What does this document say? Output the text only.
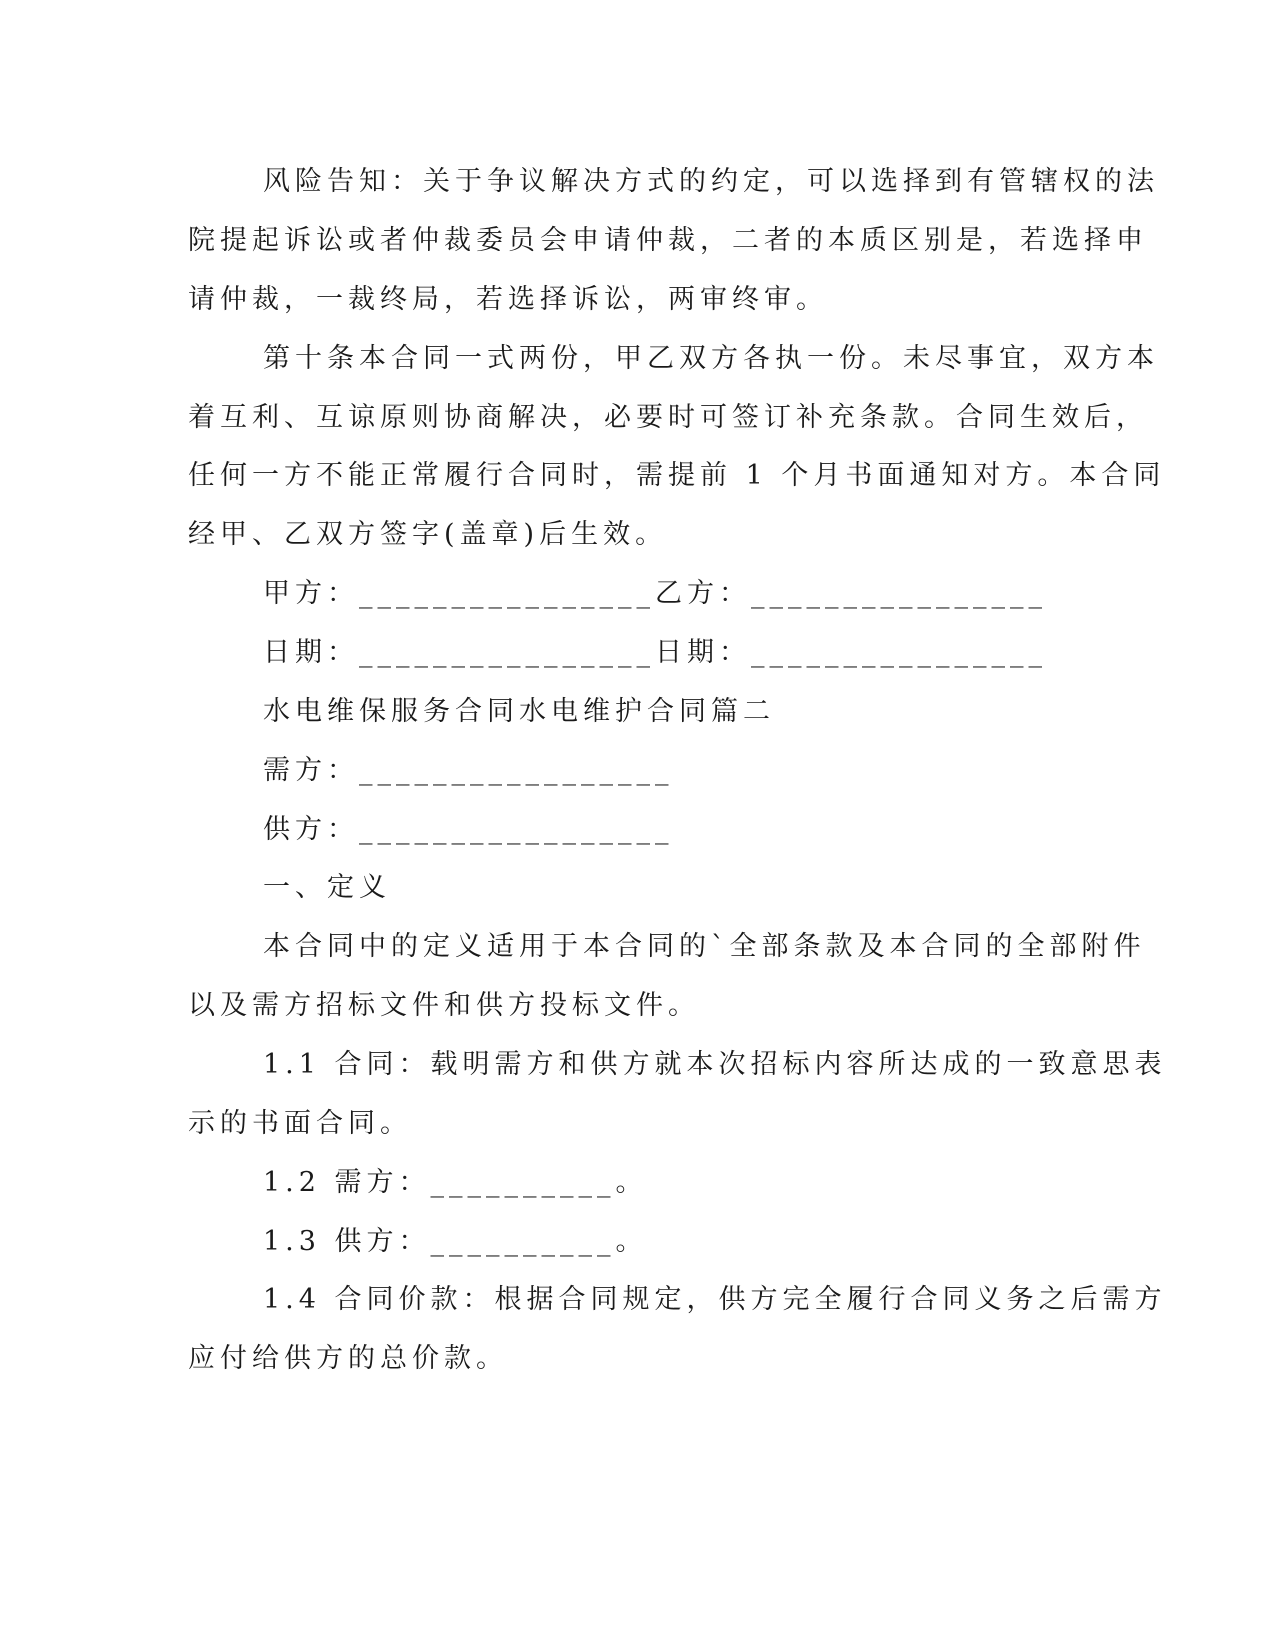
风险告知：关于争议解决方式的约定，可以选择到有管辖权的法
院提起诉讼或者仲裁委员会申请仲裁，二者的本质区别是，若选择申
请仲裁，一裁终局，若选择诉讼，两审终审。
第十条本合同一式两份，甲乙双方各执一份。未尽事宜，双方本
着互利、互谅原则协商解决，必要时可签订补充条款。合同生效后，
任何一方不能正常履行合同时，需提前 1 个月书面通知对方。本合同
经甲、乙双方签字(盖章)后生效。
甲方：________________乙方：________________
日期：________________日期：________________
水电维保服务合同水电维护合同篇二
需方：_________________
供方：_________________
一、定义
本合同中的定义适用于本合同的`全部条款及本合同的全部附件
以及需方招标文件和供方投标文件。
1.1 合同：载明需方和供方就本次招标内容所达成的一致意思表
示的书面合同。
1.2 需方：__________。
1.3 供方：__________。
1.4 合同价款：根据合同规定，供方完全履行合同义务之后需方
应付给供方的总价款。
